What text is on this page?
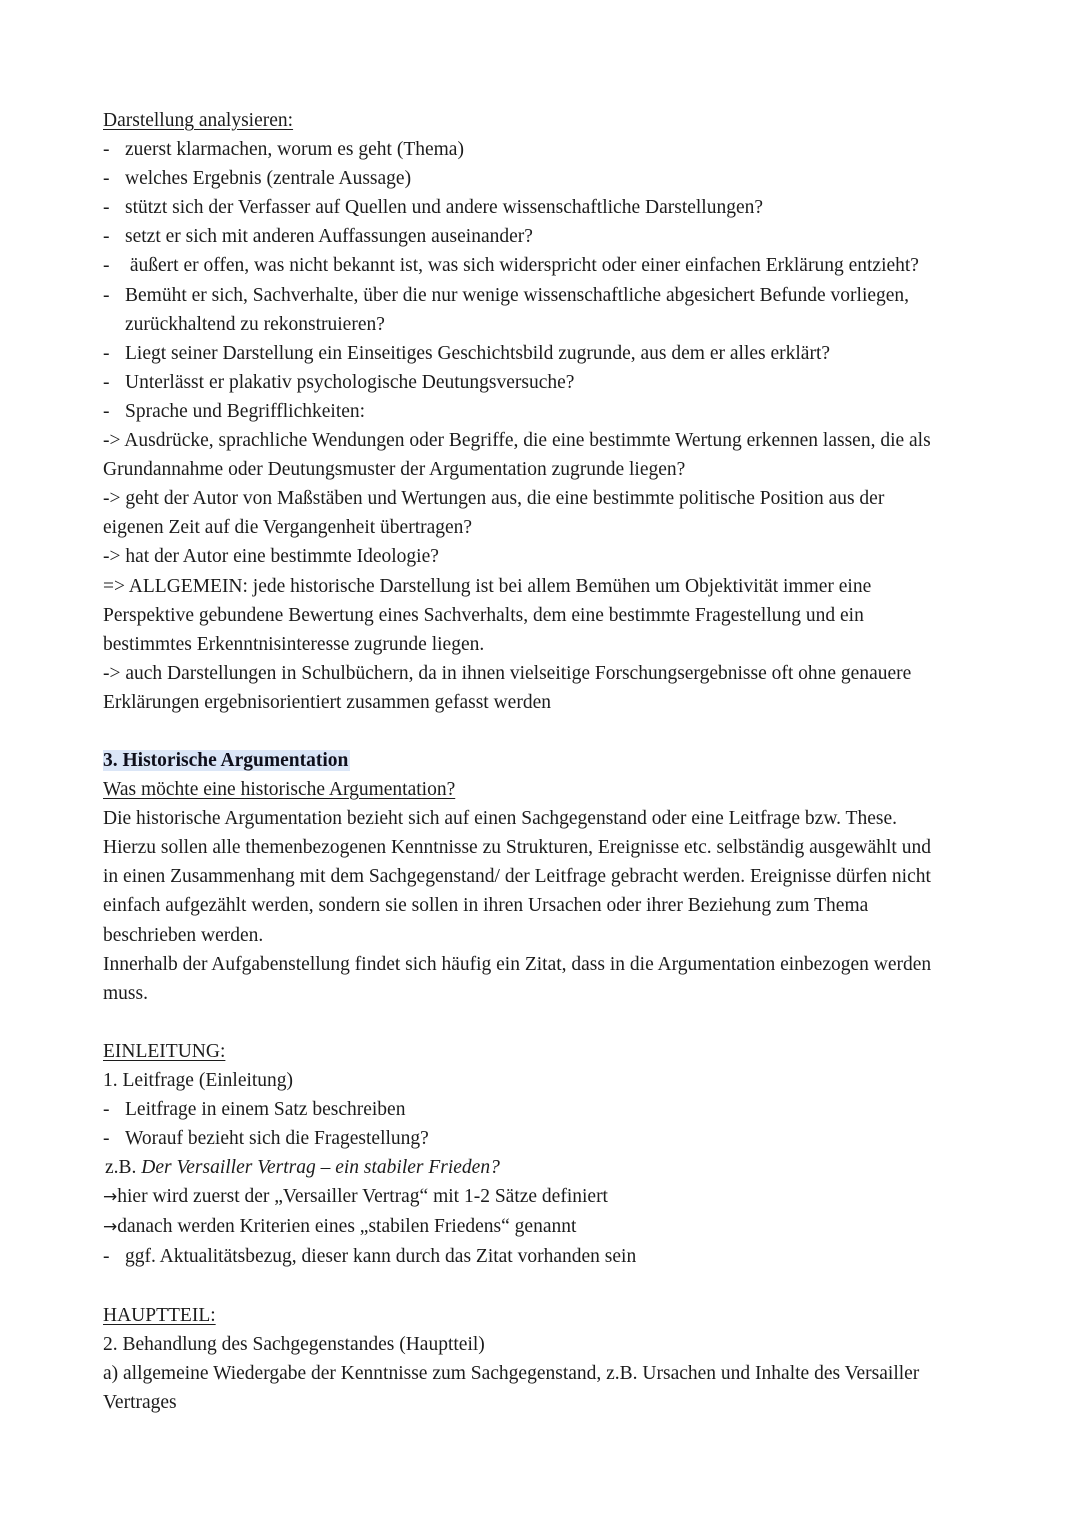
Darstellung analysieren:
- zuerst klarmachen, worum es geht (Thema)
- welches Ergebnis (zentrale Aussage)
- stützt sich der Verfasser auf Quellen und andere wissenschaftliche Darstellungen?
- setzt er sich mit anderen Auffassungen auseinander?
-  äußert er offen, was nicht bekannt ist, was sich widerspricht oder einer einfachen Erklärung entzieht?
- Bemüht er sich, Sachverhalte, über die nur wenige wissenschaftliche abgesichert Befunde vorliegen,
zurückhaltend zu rekonstruieren?
- Liegt seiner Darstellung ein Einseitiges Geschichtsbild zugrunde, aus dem er alles erklärt?
- Unterlässt er plakativ psychologische Deutungsversuche?
- Sprache und Begrifflichkeiten:
-> Ausdrücke, sprachliche Wendungen oder Begriffe, die eine bestimmte Wertung erkennen lassen, die als
Grundannahme oder Deutungsmuster der Argumentation zugrunde liegen?
-> geht der Autor von Maßstäben und Wertungen aus, die eine bestimmte politische Position aus der
eigenen Zeit auf die Vergangenheit übertragen?
-> hat der Autor eine bestimmte Ideologie?
=> ALLGEMEIN: jede historische Darstellung ist bei allem Bemühen um Objektivität immer eine
Perspektive gebundene Bewertung eines Sachverhalts, dem eine bestimmte Fragestellung und ein
bestimmtes Erkenntnisinteresse zugrunde liegen.
-> auch Darstellungen in Schulbüchern, da in ihnen vielseitige Forschungsergebnisse oft ohne genauere
Erklärungen ergebnisorientiert zusammen gefasst werden
3. Historische Argumentation
Was möchte eine historische Argumentation?
Die historische Argumentation bezieht sich auf einen Sachgegenstand oder eine Leitfrage bzw. These.
Hierzu sollen alle themenbezogenen Kenntnisse zu Strukturen, Ereignisse etc. selbständig ausgewählt und
in einen Zusammenhang mit dem Sachgegenstand/ der Leitfrage gebracht werden. Ereignisse dürfen nicht
einfach aufgezählt werden, sondern sie sollen in ihren Ursachen oder ihrer Beziehung zum Thema
beschrieben werden.
Innerhalb der Aufgabenstellung findet sich häufig ein Zitat, dass in die Argumentation einbezogen werden
muss.
EINLEITUNG:
1. Leitfrage (Einleitung)
- Leitfrage in einem Satz beschreiben
- Worauf bezieht sich die Fragestellung?
z.B. Der Versailler Vertrag – ein stabiler Frieden?
→hier wird zuerst der „Versailler Vertrag“ mit 1-2 Sätze definiert
→danach werden Kriterien eines „stabilen Friedens“ genannt
- ggf. Aktualitätsbezug, dieser kann durch das Zitat vorhanden sein
HAUPTTEIL:
2. Behandlung des Sachgegenstandes (Hauptteil)
a) allgemeine Wiedergabe der Kenntnisse zum Sachgegenstand, z.B. Ursachen und Inhalte des Versailler
Vertrages
